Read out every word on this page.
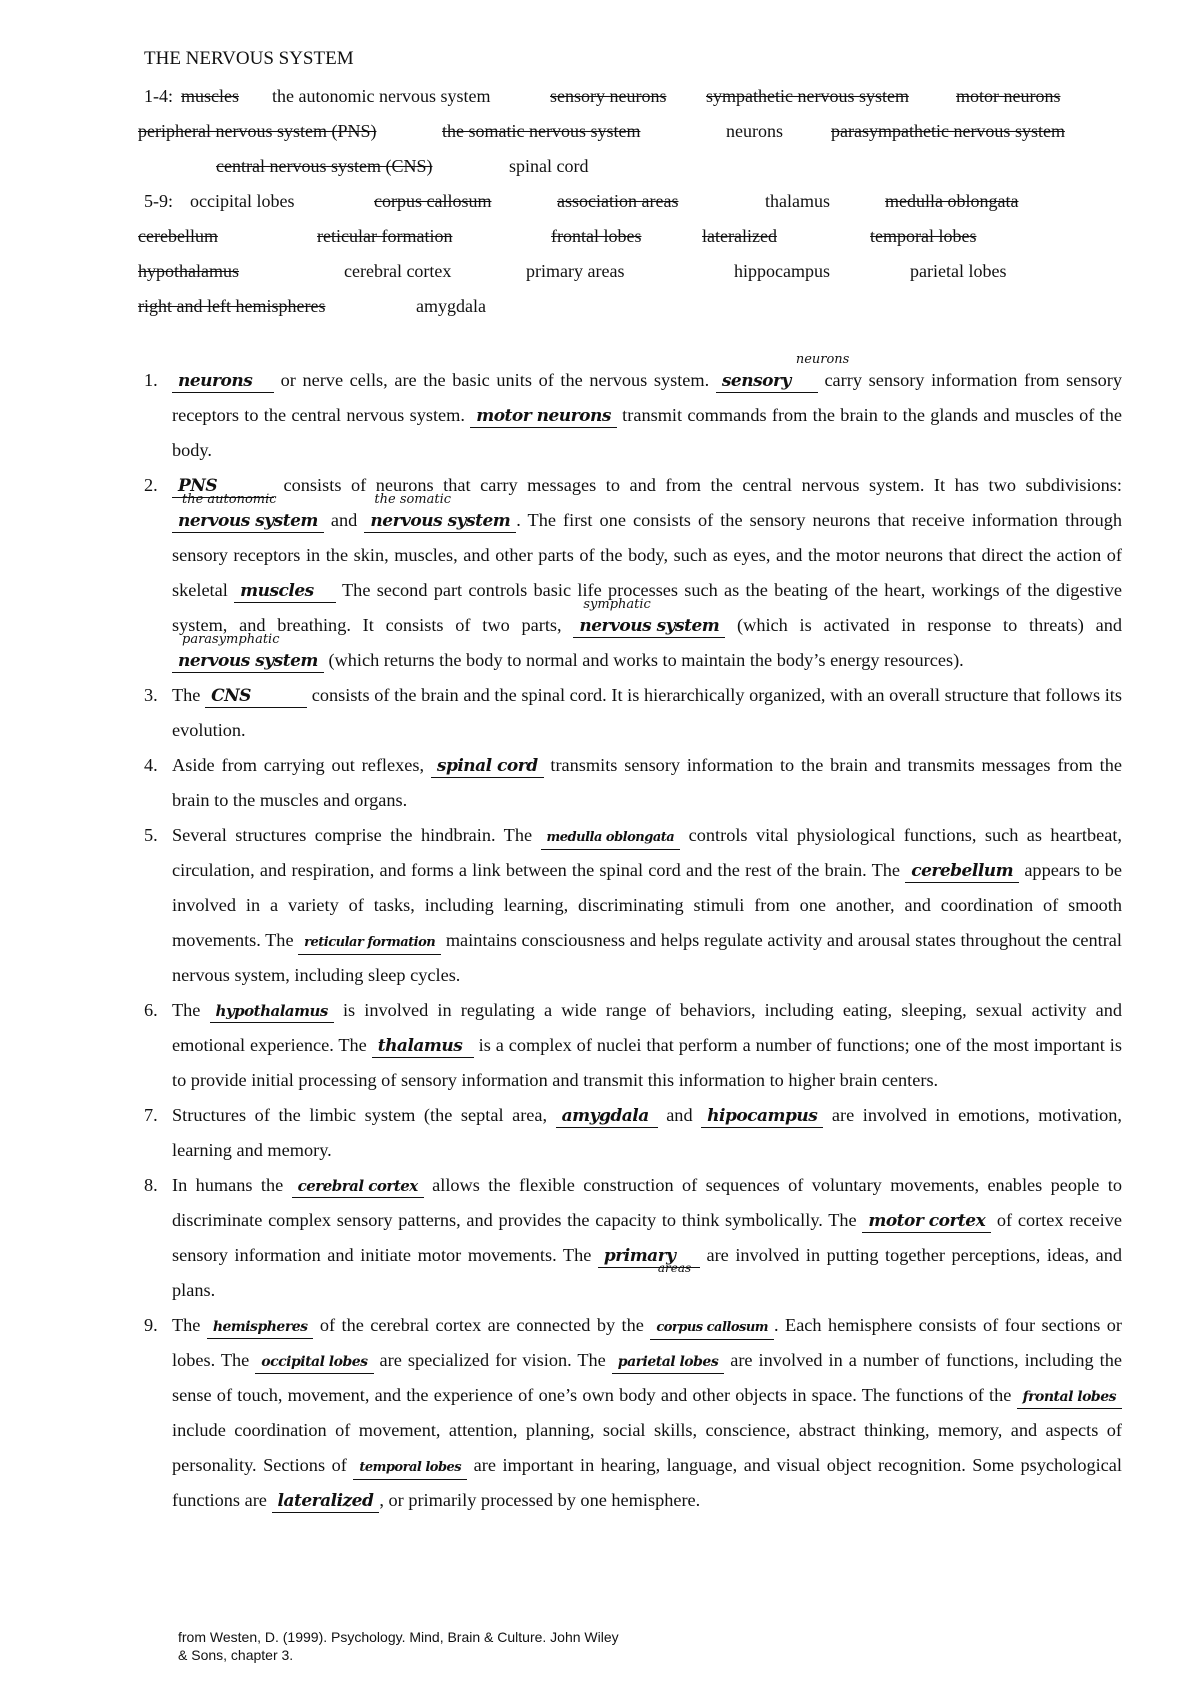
THE NERVOUS SYSTEM
1-4: muscles the autonomic nervous system	sensory neurons sympathetic nervous system	motor neurons
peripheral nervous system (PNS)	the somatic nervous system	neurons	parasympathetic nervous system
central nervous system (CNS)	spinal cord
5-9: occipital lobes	corpus callosum	association areas	thalamus	medulla oblongata
cerebellum	reticular formation	frontal lobes	lateralized	temporal lobes
hypothalamus	cerebral cortex	primary areas	hippocampus	parietal lobes
right and left hemispheres	amygdala
1.	neurons or nerve cells, are the basic units of the nervous system.
neurons
sensory carry sensory information from sensory receptors to the central nervous system. motor neurons transmit commands from the brain to the glands and muscles of the body.
2.	PNS	consists of neurons that carry messages to and from the central nervous system. It has two subdivisions:
the autonomic
nervous system and
the somatic
nervous system . The first one consists of the sensory neurons that receive information through sensory receptors in the skin, muscles, and other parts of the body, such as eyes, and the motor neurons that direct the action of skeletal muscles The second part controls basic life processes such as the beating of the heart, workings of the digestive system, and breathing. It consists of two parts,
symphatic
nervous system (which is activated in response to threats) and
parasymphatic
nervous system (which returns the body to normal and works to maintain the body’s energy resources).
3. The CNS	consists of the brain and the spinal cord. It is hierarchically organized, with an overall structure that follows its evolution.
4. Aside from carrying out reflexes, spinal cord transmits sensory information to the brain and transmits messages from the brain to the muscles and organs.
5. Several structures comprise the hindbrain. The medulla oblongata controls vital physiological functions, such as heartbeat, circulation, and respiration, and forms a link between the spinal cord and the rest of the brain. The cerebellum appears to be involved in a variety of tasks, including learning, discriminating stimuli from one another, and coordination of smooth movements. The reticular formation maintains consciousness and helps regulate activity and arousal states throughout the central nervous system, including sleep cycles.
6. The hypothalamus is involved in regulating a wide range of behaviors, including eating, sleeping, sexual activity and emotional experience. The thalamus is a complex of nuclei that perform a number of functions; one of the most important is to provide initial processing of sensory information and transmit this information to higher brain centers.
7. Structures of the limbic system (the septal area, amygdala and hipocampus are involved in emotions, motivation, learning and memory.
8. In humans the cerebral cortex allows the flexible construction of sequences of voluntary movements, enables people to discriminate complex sensory patterns, and provides the capacity to think symbolically. The motor cortex of cortex receive sensory information and initiate motor movements. The primary
areas
are involved in putting together perceptions, ideas, and plans.
9. The hemispheres of the cerebral cortex are connected by the corpus callosum . Each hemisphere consists of four sections or lobes. The occipital lobes are specialized for vision. The parietal lobes are involved in a number of functions, including the sense of touch, movement, and the experience of one’s own body and other objects in space. The functions of the frontal lobes include coordination of movement, attention, planning, social skills, conscience, abstract thinking, memory, and aspects of personality. Sections of temporal lobes are important in hearing, language, and visual object recognition. Some psychological functions are lateralized , or primarily processed by one hemisphere.
from Westen, D. (1999). Psychology. Mind, Brain & Culture. John Wiley
& Sons, chapter 3.
